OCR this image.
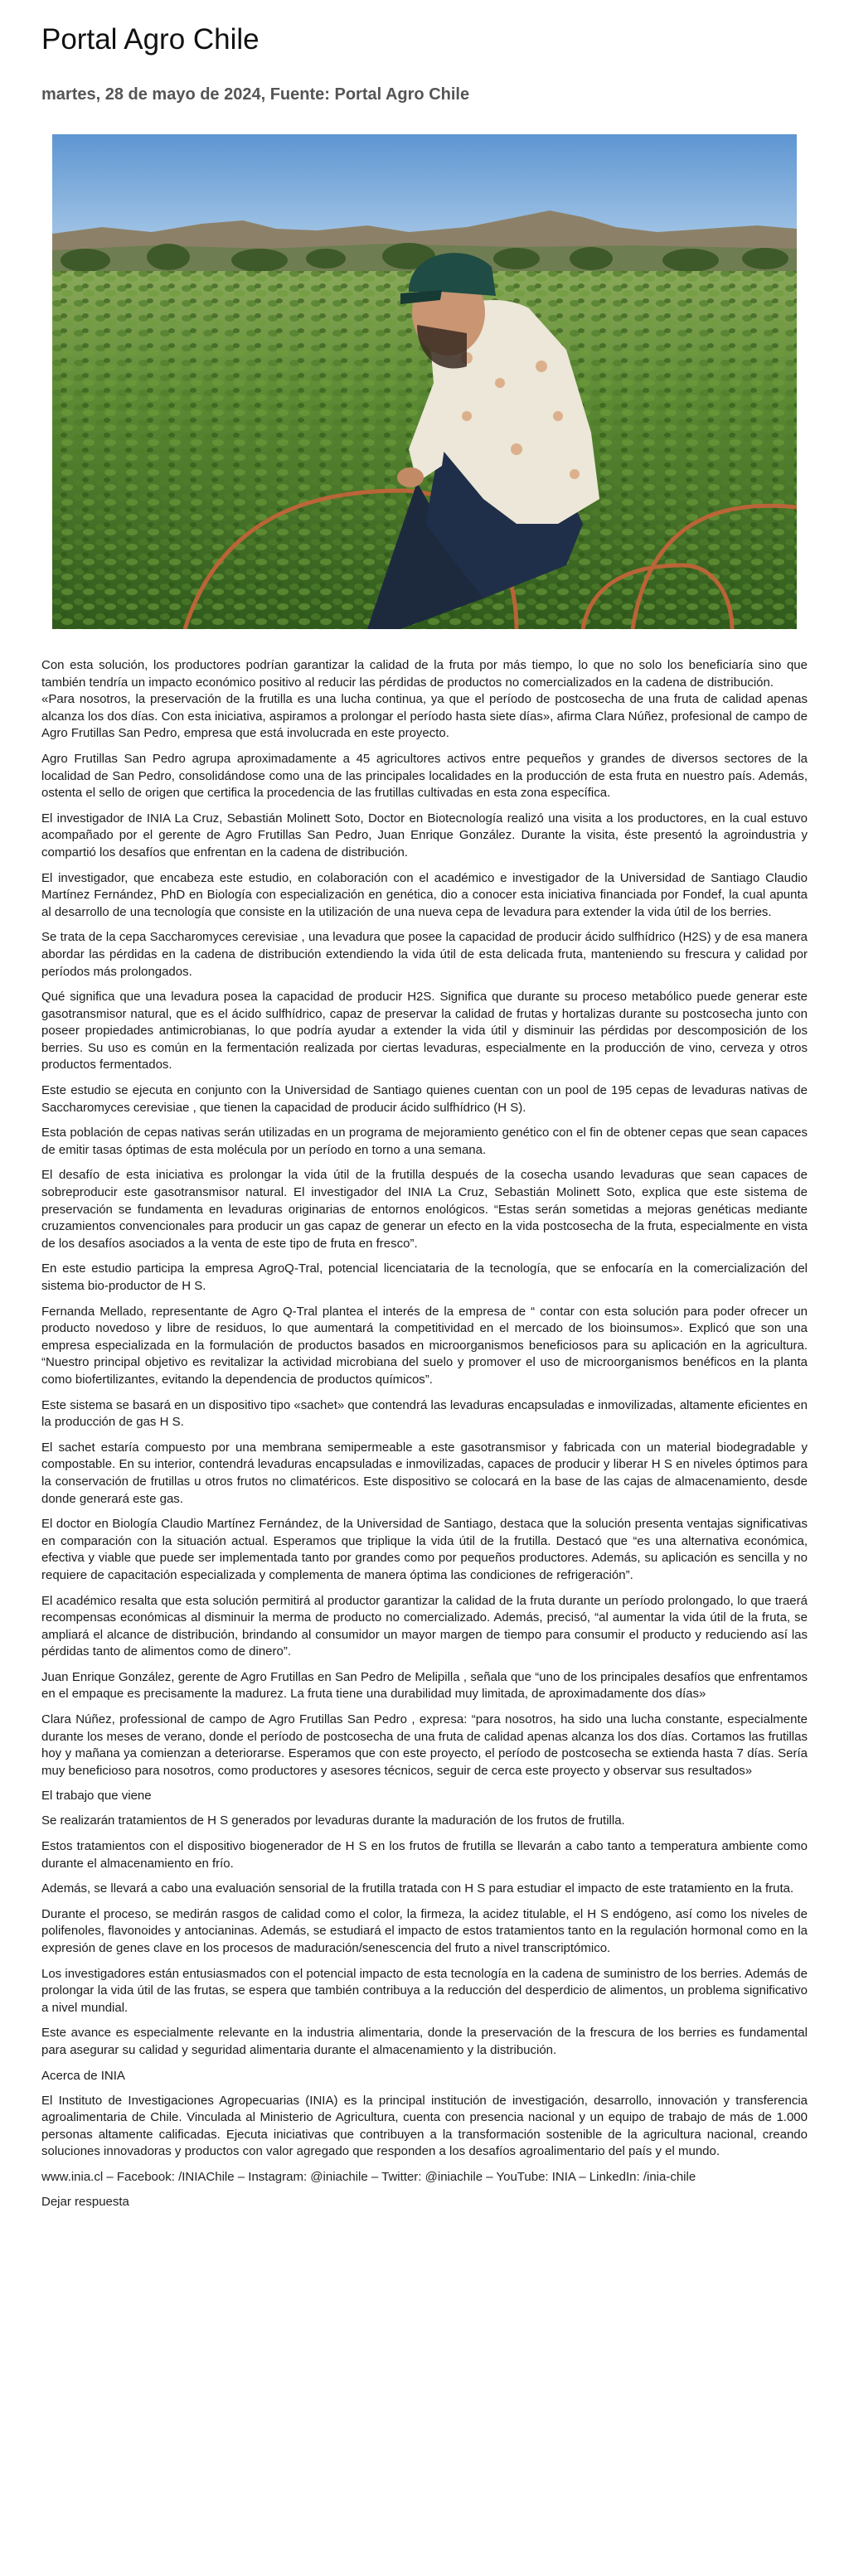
Portal Agro Chile
martes, 28 de mayo de 2024, Fuente: Portal Agro Chile

Con esta solución, los productores podrían garantizar la calidad de la fruta por más tiempo, lo que no solo los beneficiaría sino que también tendría un impacto económico positivo al reducir las pérdidas de productos no comercializados en la cadena de distribución.

«Para nosotros, la preservación de la frutilla es una lucha continua, ya que el período de postcosecha de una fruta de calidad apenas alcanza los dos días. Con esta iniciativa, aspiramos a prolongar el período hasta siete días», afirma Clara Núñez, profesional de campo de Agro Frutillas San Pedro, empresa que está involucrada en este proyecto.

Agro Frutillas San Pedro agrupa aproximadamente a 45 agricultores activos entre pequeños y grandes de diversos sectores de la localidad de San Pedro, consolidándose como una de las principales localidades en la producción de esta fruta en nuestro país. Además, ostenta el sello de origen que certifica la procedencia de las frutillas cultivadas en esta zona específica.

El investigador de INIA La Cruz, Sebastián Molinett Soto, Doctor en Biotecnología realizó una visita a los productores, en la cual estuvo acompañado por el gerente de Agro Frutillas San Pedro, Juan Enrique González. Durante la visita, éste presentó la agroindustria y compartió los desafíos que enfrentan en la cadena de distribución.

El investigador, que encabeza este estudio, en colaboración con el académico e investigador de la Universidad de Santiago Claudio Martínez Fernández, PhD en Biología con especialización en genética, dio a conocer esta iniciativa financiada por Fondef, la cual apunta al desarrollo de una tecnología que consiste en la utilización de una nueva cepa de levadura para extender la vida útil de los berries.

Se trata de la cepa Saccharomyces cerevisiae , una levadura que posee la capacidad de producir ácido sulfhídrico (H2S) y de esa manera abordar las pérdidas en la cadena de distribución extendiendo la vida útil de esta delicada fruta, manteniendo su frescura y calidad por períodos más prolongados.

Qué significa que una levadura posea la capacidad de producir H2S. Significa que durante su proceso metabólico puede generar este gasotransmisor natural, que es el ácido sulfhídrico, capaz de preservar la calidad de frutas y hortalizas durante su postcosecha junto con poseer propiedades antimicrobianas, lo que podría ayudar a extender la vida útil y disminuir las pérdidas por descomposición de los berries. Su uso es común en la fermentación realizada por ciertas levaduras, especialmente en la producción de vino, cerveza y otros productos fermentados.

Este estudio se ejecuta en conjunto con la Universidad de Santiago quienes cuentan con un pool de 195 cepas de levaduras nativas de Saccharomyces cerevisiae , que tienen la capacidad de producir ácido sulfhídrico (H S).

Esta población de cepas nativas serán utilizadas en un programa de mejoramiento genético con el fin de obtener cepas que sean capaces de emitir tasas óptimas de esta molécula por un período en torno a una semana.

El desafío de esta iniciativa es prolongar la vida útil de la frutilla después de la cosecha usando levaduras que sean capaces de sobreproducir este gasotransmisor natural. El investigador del INIA La Cruz, Sebastián Molinett Soto, explica que este sistema de preservación se fundamenta en levaduras originarias de entornos enológicos. “Estas serán sometidas a mejoras genéticas mediante cruzamientos convencionales para producir un gas capaz de generar un efecto en la vida postcosecha de la fruta, especialmente en vista de los desafíos asociados a la venta de este tipo de fruta en fresco”.

En este estudio participa la empresa AgroQ-Tral, potencial licenciataria de la tecnología, que se enfocaría en la comercialización del sistema bio-productor de H S.

Fernanda Mellado, representante de Agro Q-Tral plantea el interés de la empresa de “ contar con esta solución para poder ofrecer un producto novedoso y libre de residuos, lo que aumentará la competitividad en el mercado de los bioinsumos». Explicó que son una empresa especializada en la formulación de productos basados en microorganismos beneficiosos para su aplicación en la agricultura. “Nuestro principal objetivo es revitalizar la actividad microbiana del suelo y promover el uso de microorganismos benéficos en la planta como biofertilizantes, evitando la dependencia de productos químicos”.

Este sistema se basará en un dispositivo tipo «sachet» que contendrá las levaduras encapsuladas e inmovilizadas, altamente eficientes en la producción de gas H S.

El sachet estaría compuesto por una membrana semipermeable a este gasotransmisor y fabricada con un material biodegradable y compostable. En su interior, contendrá levaduras encapsuladas e inmovilizadas, capaces de producir y liberar H S en niveles óptimos para la conservación de frutillas u otros frutos no climatéricos. Este dispositivo se colocará en la base de las cajas de almacenamiento, desde donde generará este gas.

El doctor en Biología Claudio Martínez Fernández, de la Universidad de Santiago, destaca que la solución presenta ventajas significativas en comparación con la situación actual. Esperamos que triplique la vida útil de la frutilla. Destacó que “es una alternativa económica, efectiva y viable que puede ser implementada tanto por grandes como por pequeños productores. Además, su aplicación es sencilla y no requiere de capacitación especializada y complementa de manera óptima las condiciones de refrigeración”.

El académico resalta que esta solución permitirá al productor garantizar la calidad de la fruta durante un período prolongado, lo que traerá recompensas económicas al disminuir la merma de producto no comercializado. Además, precisó, “al aumentar la vida útil de la fruta, se ampliará el alcance de distribución, brindando al consumidor un mayor margen de tiempo para consumir el producto y reduciendo así las pérdidas tanto de alimentos como de dinero”.

Juan Enrique González, gerente de Agro Frutillas en San Pedro de Melipilla , señala que “uno de los principales desafíos que enfrentamos en el empaque es precisamente la madurez. La fruta tiene una durabilidad muy limitada, de aproximadamente dos días»

Clara Núñez, professional de campo de Agro Frutillas San Pedro , expresa: “para nosotros, ha sido una lucha constante, especialmente durante los meses de verano, donde el período de postcosecha de una fruta de calidad apenas alcanza los dos días. Cortamos las frutillas hoy y mañana ya comienzan a deteriorarse. Esperamos que con este proyecto, el período de postcosecha se extienda hasta 7 días. Sería muy beneficioso para nosotros, como productores y asesores técnicos, seguir de cerca este proyecto y observar sus resultados»

El trabajo que viene

Se realizarán tratamientos de H S generados por levaduras durante la maduración de los frutos de frutilla.

Estos tratamientos con el dispositivo biogenerador de H S en los frutos de frutilla se llevarán a cabo tanto a temperatura ambiente como durante el almacenamiento en frío.

Además, se llevará a cabo una evaluación sensorial de la frutilla tratada con H S para estudiar el impacto de este tratamiento en la fruta.

Durante el proceso, se medirán rasgos de calidad como el color, la firmeza, la acidez titulable, el H S endógeno, así como los niveles de polifenoles, flavonoides y antocianinas. Además, se estudiará el impacto de estos tratamientos tanto en la regulación hormonal como en la expresión de genes clave en los procesos de maduración/senescencia del fruto a nivel transcriptómico.

Los investigadores están entusiasmados con el potencial impacto de esta tecnología en la cadena de suministro de los berries. Además de prolongar la vida útil de las frutas, se espera que también contribuya a la reducción del desperdicio de alimentos, un problema significativo a nivel mundial.

Este avance es especialmente relevante en la industria alimentaria, donde la preservación de la frescura de los berries es fundamental para asegurar su calidad y seguridad alimentaria durante el almacenamiento y la distribución.

Acerca de INIA

El Instituto de Investigaciones Agropecuarias (INIA) es la principal institución de investigación, desarrollo, innovación y transferencia agroalimentaria de Chile. Vinculada al Ministerio de Agricultura, cuenta con presencia nacional y un equipo de trabajo de más de 1.000 personas altamente calificadas. Ejecuta iniciativas que contribuyen a la transformación sostenible de la agricultura nacional, creando soluciones innovadoras y productos con valor agregado que responden a los desafíos agroalimentario del país y el mundo.

www.inia.cl – Facebook: /INIAChile – Instagram: @iniachile – Twitter: @iniachile – YouTube: INIA – LinkedIn: /inia-chile
Dejar respuesta
